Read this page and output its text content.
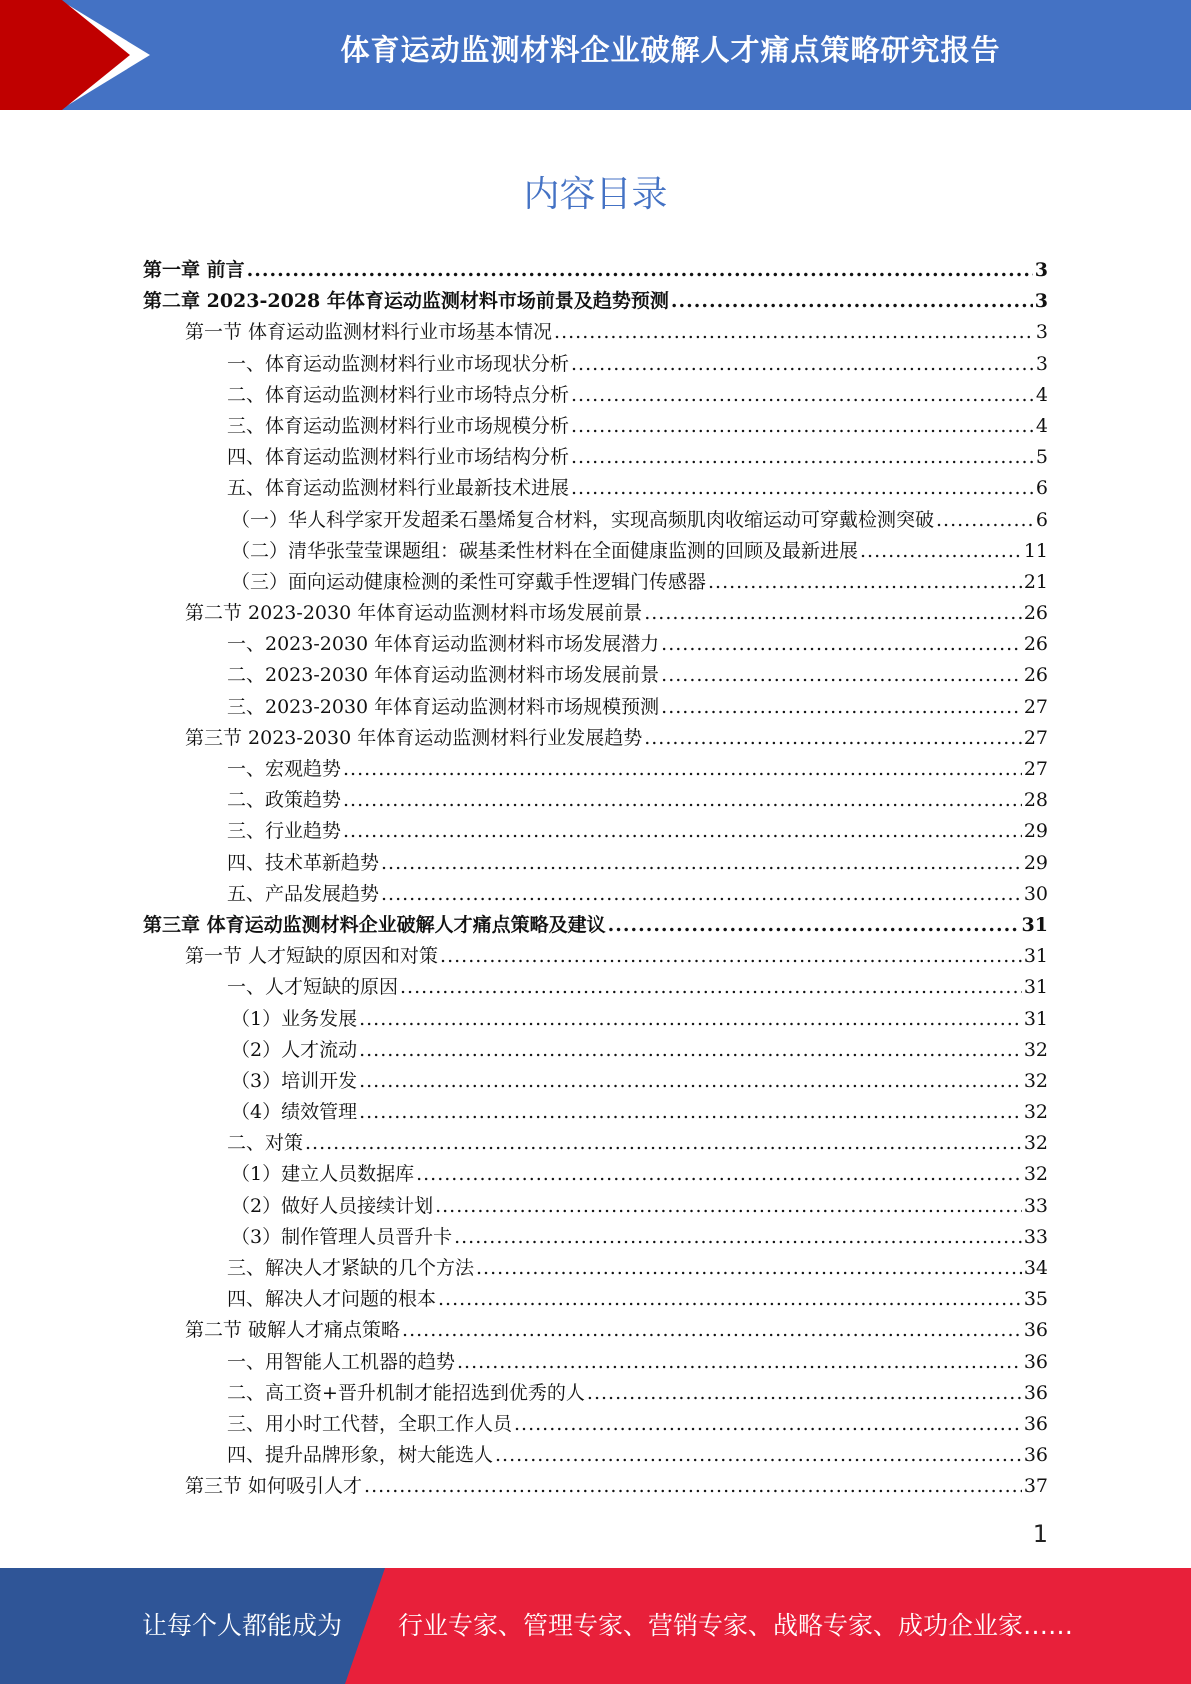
体育运动监测材料企业破解人才痛点策略研究报告
内容目录
第一章 前言 .....	3
第二章 2023-2028 年体育运动监测材料市场前景及趋势预测 .....	3
第一节 体育运动监测材料行业市场基本情况 .....	3
一、体育运动监测材料行业市场现状分析 .....	3
二、体育运动监测材料行业市场特点分析 .....	4
三、体育运动监测材料行业市场规模分析 .....	4
四、体育运动监测材料行业市场结构分析 .....	5
五、体育运动监测材料行业最新技术进展 .....	6
（一）华人科学家开发超柔石墨烯复合材料，实现高频肌肉收缩运动可穿戴检测突破 .....	6
（二）清华张莹莹课题组：碳基柔性材料在全面健康监测的回顾及最新进展 .....	11
（三）面向运动健康检测的柔性可穿戴手性逻辑门传感器 .....	21
第二节 2023-2030 年体育运动监测材料市场发展前景 .....	26
一、2023-2030 年体育运动监测材料市场发展潜力 .....	26
二、2023-2030 年体育运动监测材料市场发展前景 .....	26
三、2023-2030 年体育运动监测材料市场规模预测 .....	27
第三节 2023-2030 年体育运动监测材料行业发展趋势 .....	27
一、宏观趋势 .....	27
二、政策趋势 .....	28
三、行业趋势 .....	29
四、技术革新趋势 .....	29
五、产品发展趋势 .....	30
第三章 体育运动监测材料企业破解人才痛点策略及建议 .....	31
第一节 人才短缺的原因和对策 .....	31
一、人才短缺的原因 .....	31
（1）业务发展 .....	31
（2）人才流动 .....	32
（3）培训开发 .....	32
（4）绩效管理 .....	32
二、对策 .....	32
（1）建立人员数据库 .....	32
（2）做好人员接续计划 .....	33
（3）制作管理人员晋升卡 .....	33
三、解决人才紧缺的几个方法 .....	34
四、解决人才问题的根本 .....	35
第二节 破解人才痛点策略 .....	36
一、用智能人工机器的趋势 .....	36
二、高工资+晋升机制才能招选到优秀的人 .....	36
三、用小时工代替，全职工作人员 .....	36
四、提升品牌形象，树大能选人 .....	36
第三节 如何吸引人才 .....	37
1
让每个人都能成为 行业专家、管理专家、营销专家、战略专家、成功企业家……
